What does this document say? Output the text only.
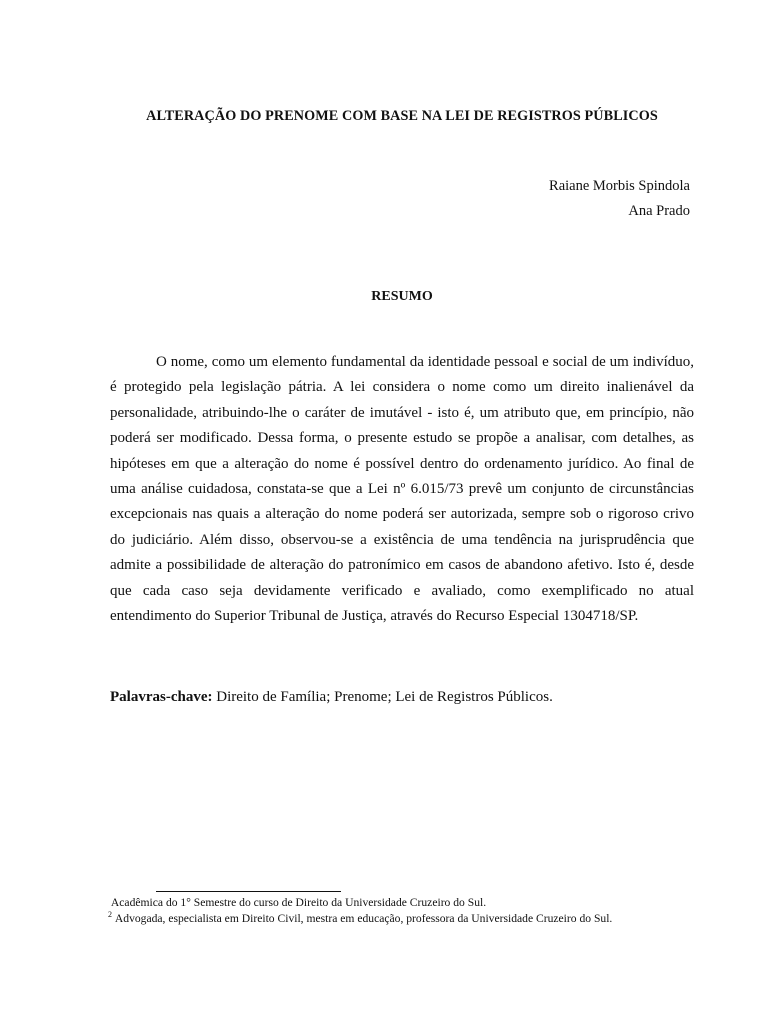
ALTERAÇÃO DO PRENOME COM BASE NA LEI DE REGISTROS PÚBLICOS
Raiane Morbis Spindola
Ana Prado
RESUMO

O nome, como um elemento fundamental da identidade pessoal e social de um indivíduo, é protegido pela legislação pátria. A lei considera o nome como um direito inalienável da personalidade, atribuindo-lhe o caráter de imutável - isto é, um atributo que, em princípio, não poderá ser modificado. Dessa forma, o presente estudo se propõe a analisar, com detalhes, as hipóteses em que a alteração do nome é possível dentro do ordenamento jurídico. Ao final de uma análise cuidadosa, constata-se que a Lei nº 6.015/73 prevê um conjunto de circunstâncias excepcionais nas quais a alteração do nome poderá ser autorizada, sempre sob o rigoroso crivo do judiciário. Além disso, observou-se a existência de uma tendência na jurisprudência que admite a possibilidade de alteração do patronímico em casos de abandono afetivo. Isto é, desde que cada caso seja devidamente verificado e avaliado, como exemplificado no atual entendimento do Superior Tribunal de Justiça, através do Recurso Especial 1304718/SP.

Palavras-chave: Direito de Família; Prenome; Lei de Registros Públicos.

Acadêmica do 1° Semestre do curso de Direito da Universidade Cruzeiro do Sul.
$^2$ Advogada, especialista em Direito Civil, mestra em educação, professora da Universidade Cruzeiro do Sul.
